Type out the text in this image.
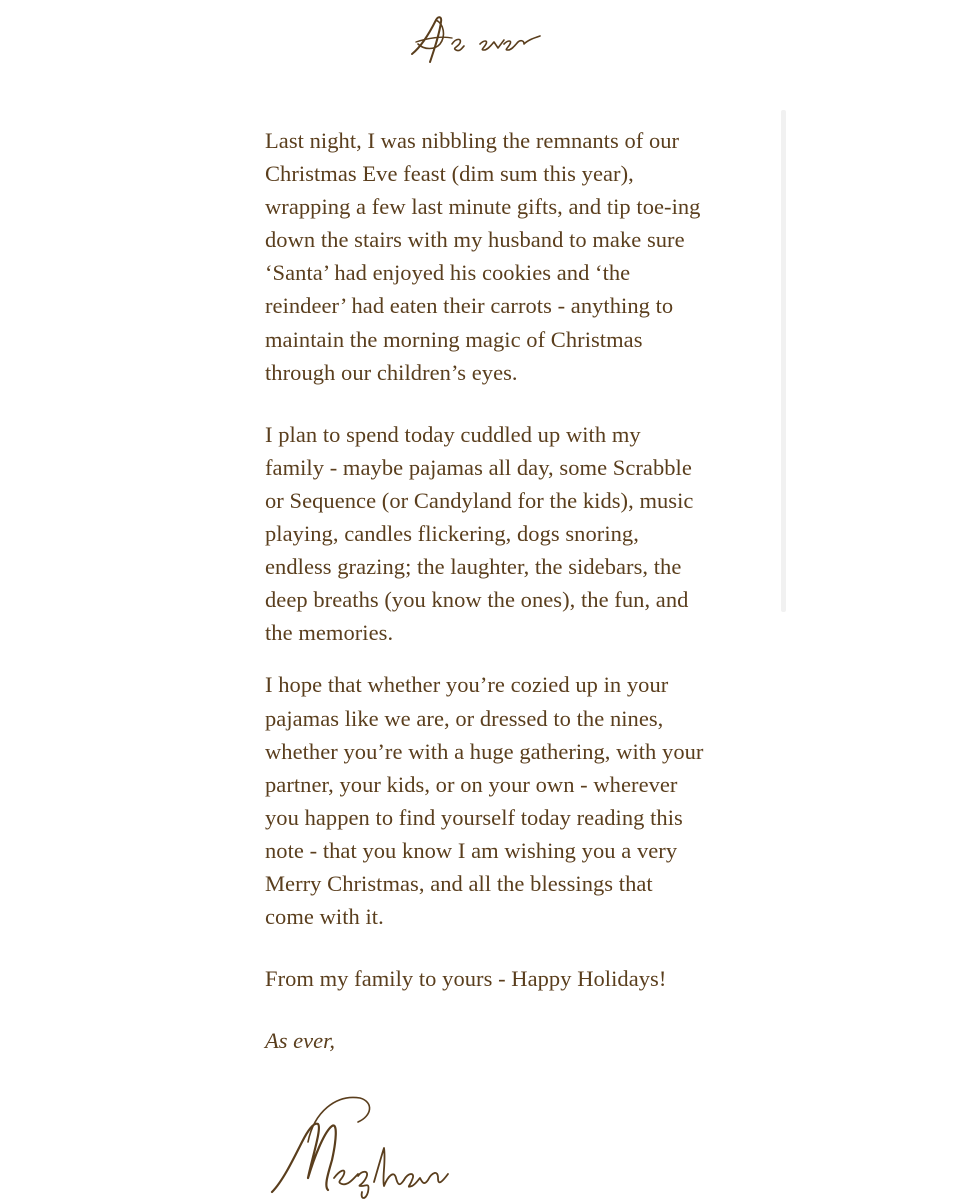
Last night, I was nibbling the remnants of our Christmas Eve feast (dim sum this year), wrapping a few last minute gifts, and tip toe-ing down the stairs with my husband to make sure ‘Santa’ had enjoyed his cookies and ‘the reindeer’ had eaten their carrots - anything to maintain the morning magic of Christmas through our children’s eyes.

I plan to spend today cuddled up with my family - maybe pajamas all day, some Scrabble or Sequence (or Candyland for the kids), music playing, candles flickering, dogs snoring, endless grazing; the laughter, the sidebars, the deep breaths (you know the ones), the fun, and the memories.

I hope that whether you’re cozied up in your pajamas like we are, or dressed to the nines, whether you’re with a huge gathering, with your partner, your kids, or on your own - wherever you happen to find yourself today reading this note - that you know I am wishing you a very Merry Christmas, and all the blessings that come with it.

From my family to yours - Happy Holidays!

As ever,
